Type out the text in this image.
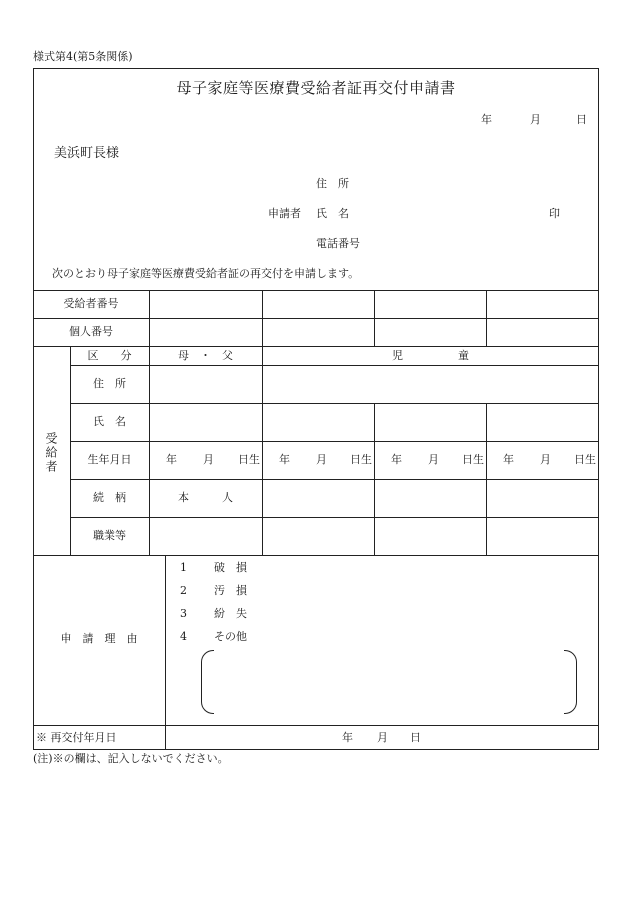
様式第4(第5条関係)
母子家庭等医療費受給者証再交付申請書
年	月	日
美浜町長様
住　所
申請者 氏　名	印
電話番号
次のとおり母子家庭等医療費受給者証の再交付を申請します。
受給者番号
個人番号
受給者
区　　分	母　・　父	児　　　　　童
住　所
氏　名
生年月日	年 月 日生 年 月 日生 年 月 日生 年 月 日生
続　柄	本　　　人
職業等
申　請　理　由
1 破　損
2 汚　損
3 紛　失
4 その他
※ 再交付年月日	年 月 日
(注)※の欄は、記入しないでください。
